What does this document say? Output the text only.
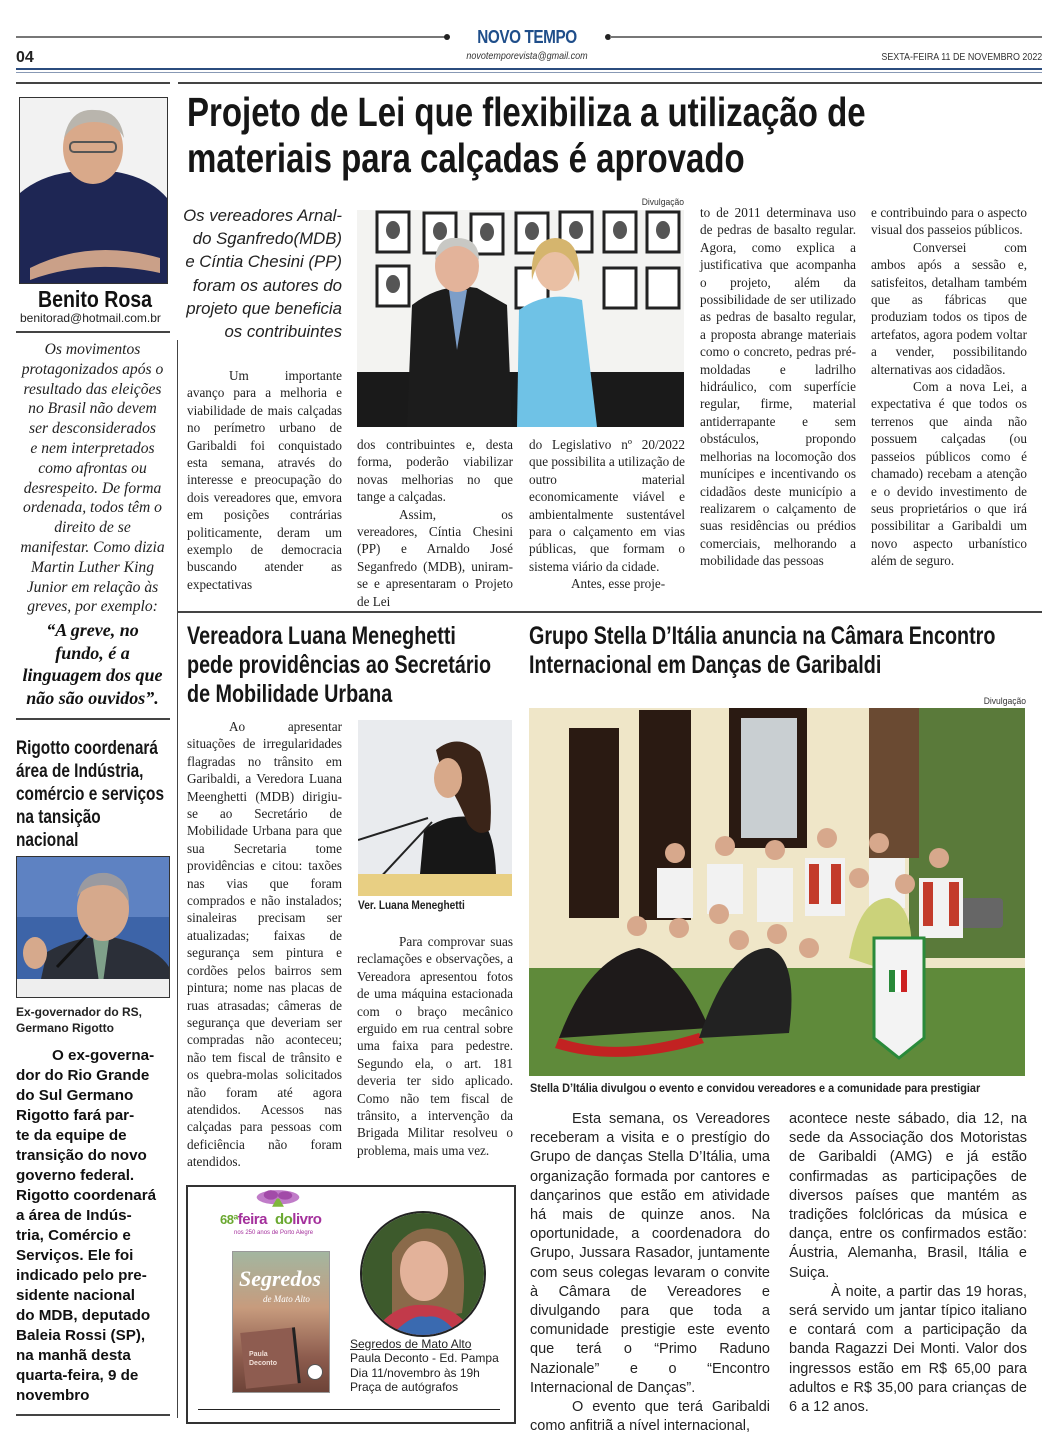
NOVO TEMPO
04	novotemporevista@gmail.com	SEXTA-FEIRA 11 DE NOVEMBRO 2022
Benito Rosa
benitorad@hotmail.com.br
Os movimentos
protagonizados após o
resultado das eleições
no Brasil não devem
ser desconsiderados
e nem interpretados
como afrontas ou
desrespeito. De forma
ordenada, todos têm o
direito de se
manifestar. Como dizia
Martin Luther King
Junior em relação às
greves, por exemplo:
“A greve, no
fundo, é a
linguagem dos que
não são ouvidos”.
Rigotto coordenará
área de Indústria,
comércio e serviços
na tansição
nacional
Ex-governador do RS,
Germano Rigotto
O ex-governa-
dor do Rio Grande
do Sul Germano
Rigotto fará par-
te da equipe de
transição do novo
governo federal.
Rigotto coordenará
a área de Indús-
tria, Comércio e
Serviços. Ele foi
indicado pelo pre-
sidente nacional
do MDB, deputado
Baleia Rossi (SP),
na manhã desta
quarta-feira, 9 de
novembro
Projeto de Lei que flexibiliza a utilização de
materiais para calçadas é aprovado
Os vereadores Arnal-
do Sganfredo(MDB)
e Cíntia Chesini (PP)
foram os autores do
projeto que beneficia
os contribuintes
Divulgação

Um importante avanço para a melhoria e viabilidade de mais calçadas no perímetro urbano de Garibaldi foi conquistado esta semana, através do interesse e preocupação do dois vereadores que, emvora em posições contrárias politicamente, deram um exemplo de democracia buscando atender as expectativas

dos contribuintes e, desta forma, poderão viabilizar novas melhorias no que tange a calçadas.

Assim, os vereadores, Cíntia Chesini (PP) e Arnaldo José Seganfredo (MDB), uniram-se e apresentaram o Projeto de Lei

do Legislativo nº 20/2022 que possibilita a utilização de outro material economicamente viável e ambientalmente sustentável para o calçamento em vias públicas, que formam o sistema viário da cidade.

Antes, esse proje-

to de 2011 determinava uso de pedras de basalto regular. Agora, como explica a justificativa que acompanha o projeto, além da possibilidade de ser utilizado as pedras de basalto regular, a proposta abrange materiais como o concreto, pedras pré-moldadas e ladrilho hidráulico, com superfície regular, firme, material antiderrapante e sem obstáculos, propondo melhorias na locomoção dos munícipes e incentivando os cidadãos deste município a realizarem o calçamento de suas residências ou prédios comerciais, melhorando a mobilidade das pessoas

e contribuindo para o aspecto visual dos passeios públicos.

Conversei com ambos após a sessão e, satisfeitos, detalham também que as fábricas que produziam todos os tipos de artefatos, agora podem voltar a vender, possibilitando alternativas aos cidadãos.

Com a nova Lei, a expectativa é que todos os terrenos que ainda não possuem calçadas (ou passeios públicos como é chamado) recebam a atenção e o devido investimento de seus proprietários o que irá possibilitar a Garibaldi um novo aspecto urbanístico além de seguro.

Vereadora Luana Meneghetti
pede providências ao Secretário
de Mobilidade Urbana

Ao apresentar situações de irregularidades flagradas no trânsito em Garibaldi, a Veredora Luana Meenghetti (MDB) dirigiu-se ao Secretário de Mobilidade Urbana para que sua Secretaria tome providências e citou: taxões nas vias que foram comprados e não instalados; sinaleiras precisam ser atualizadas; faixas de segurança sem pintura e cordões pelos bairros sem pintura; nome nas placas de ruas atrasadas; câmeras de segurança que deveriam ser compradas não aconteceu; não tem fiscal de trânsito e os quebra-molas solicitados não foram até agora atendidos. Acessos nas calçadas para pessoas com deficiência não foram atendidos.

Ver. Luana Meneghetti

Para comprovar suas reclamações e observações, a Vereadora apresentou fotos de uma máquina estacionada com o braço mecânico erguido em rua central sobre uma faixa para pedestre. Segundo ela, o art. 181 deveria ter sido aplicado. Como não tem fiscal de trânsito, a intervenção da Brigada Militar resolveu o problema, mais uma vez.

68ªfeira dolivro
nos 250 anos de Porto Alegre
Segredos
de Mato Alto
Paula Deconto
Segredos de Mato Alto
Paula Deconto - Ed. Pampa
Dia 11/novembro às 19h
Praça de autógrafos
Grupo Stella D’Itália anuncia na Câmara Encontro
Internacional em Danças de Garibaldi
Divulgação
Stella D’Itália divulgou o evento e convidou vereadores e a comunidade para prestigiar

Esta semana, os Vereadores receberam a visita e o prestígio do Grupo de danças Stella D’Itália, uma organização formada por cantores e dançarinos que estão em atividade há mais de quinze anos. Na oportunidade, a coordenadora do Grupo, Jussara Rasador, juntamente com seus colegas levaram o convite à Câmara de Vereadores e divulgando para que toda a comunidade prestigie este evento que terá o “Primo Raduno Nazionale” e o “Encontro Internacional de Danças”.

O evento que terá Garibaldi como anfitriã a nível internacional,

acontece neste sábado, dia 12, na sede da Associação dos Motoristas de Garibaldi (AMG) e já estão confirmadas as participações de diversos países que mantém as tradições folclóricas da música e dança, entre os confirmados estão: Áustria, Alemanha, Brasil, Itália e Suiça.

À noite, a partir das 19 horas, será servido um jantar típico italiano e contará com a participação da banda Ragazzi Dei Monti. Valor dos ingressos estão em R$ 65,00 para adultos e R$ 35,00 para crianças de 6 a 12 anos.
